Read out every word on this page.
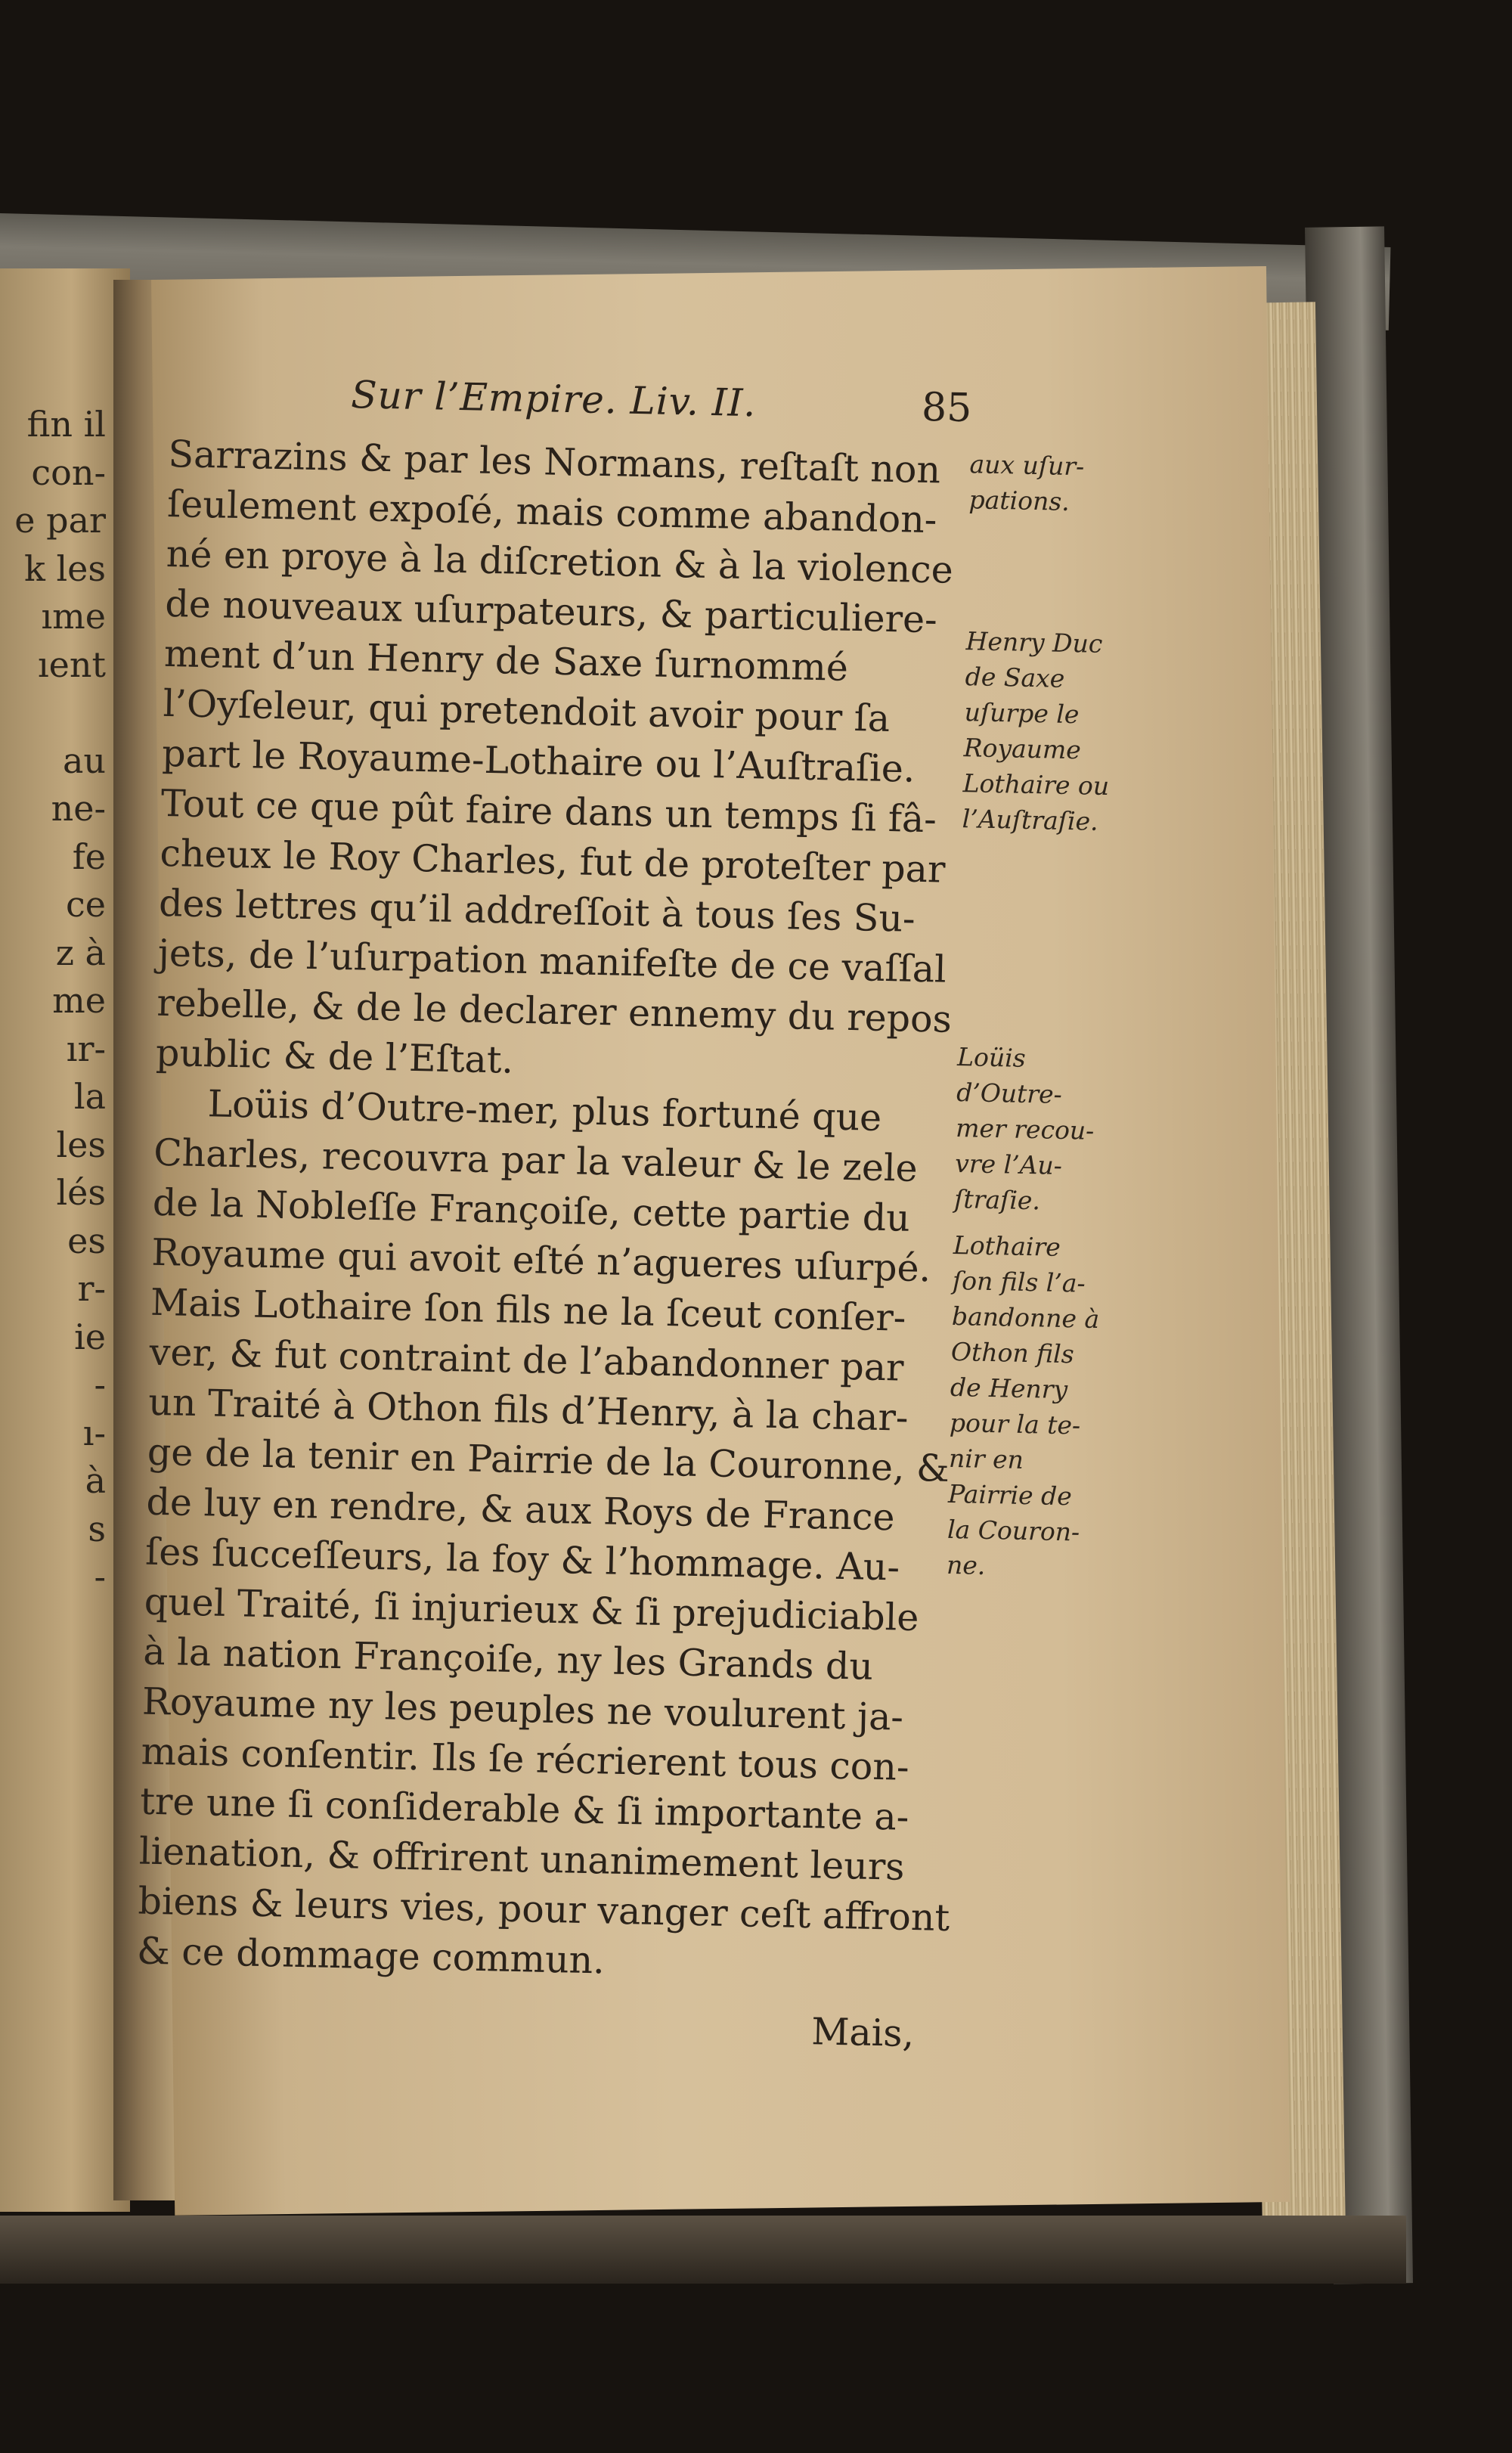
fin il
con-
e par
k les
ıme
ıent
au
ne-
fe
ce
z à
me
ır-
la
les
lés
es
r-
ie
-
ı-
à
s
-
Sur l’Empire. Liv. II.	85
Sarrazins & par les Normans, reſtaſt non
ſeulement expoſé, mais comme abandon-
né en proye à la diſcretion & à la violence
de nouveaux uſurpateurs, & particuliere-
ment d’un Henry de Saxe ſurnommé
l’Oyſeleur, qui pretendoit avoir pour ſa
part le Royaume-Lothaire ou l’Auſtraſie.
Tout ce que pût faire dans un temps ſi fâ-
cheux le Roy Charles, fut de proteſter par
des lettres qu’il addreſſoit à tous ſes Su-
jets, de l’uſurpation manifeſte de ce vaſſal
rebelle, & de le declarer ennemy du repos
public & de l’Eſtat.
Loüis d’Outre-mer, plus fortuné que
Charles, recouvra par la valeur & le zele
de la Nobleſſe Françoiſe, cette partie du
Royaume qui avoit eſté n’agueres uſurpé.
Mais Lothaire ſon fils ne la ſceut conſer-
ver, & fut contraint de l’abandonner par
un Traité à Othon fils d’Henry, à la char-
ge de la tenir en Pairrie de la Couronne, &
de luy en rendre, & aux Roys de France
ſes ſucceſſeurs, la foy & l’hommage. Au-
quel Traité, ſi injurieux & ſi prejudiciable
à la nation Françoiſe, ny les Grands du
Royaume ny les peuples ne voulurent ja-
mais conſentir. Ils ſe récrierent tous con-
tre une ſi conſiderable & ſi importante a-
lienation, & offrirent unanimement leurs
biens & leurs vies, pour vanger ceſt affront
& ce dommage commun.
Mais,
aux uſur-
pations.
Henry Duc
de Saxe
uſurpe le
Royaume
Lothaire ou
l’Auſtraſie.
Loüis
d’Outre-
mer recou-
vre l’Au-
ſtraſie.
Lothaire
ſon fils l’a-
bandonne à
Othon fils
de Henry
pour la te-
nir en
Pairrie de
la Couron-
ne.
